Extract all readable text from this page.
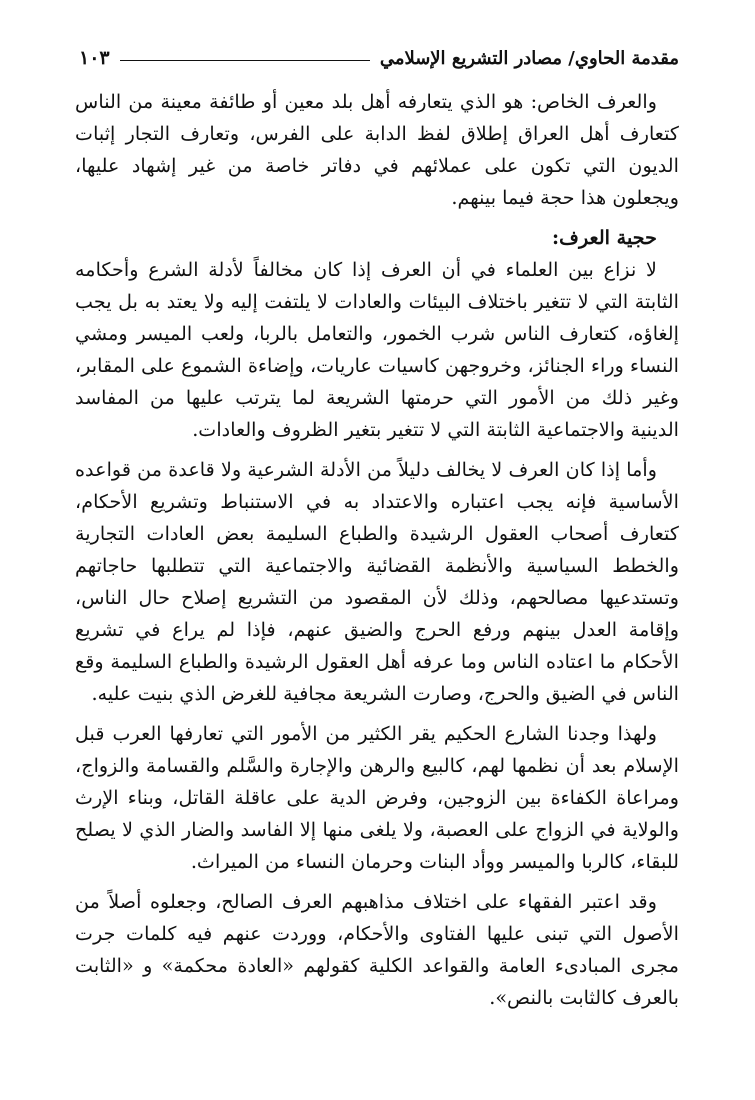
مقدمة الحاوي/ مصادر التشريع الإسلامي
١٠٣

والعرف الخاص: هو الذي يتعارفه أهل بلد معين أو طائفة معينة من الناس كتعارف أهل العراق إطلاق لفظ الدابة على الفرس، وتعارف التجار إثبات الديون التي تكون على عملائهم في دفاتر خاصة من غير إشهاد عليها، ويجعلون هذا حجة فيما بينهم.

حجية العرف:

لا نزاع بين العلماء في أن العرف إذا كان مخالفاً لأدلة الشرع وأحكامه الثابتة التي لا تتغير باختلاف البيئات والعادات لا يلتفت إليه ولا يعتد به بل يجب إلغاؤه، كتعارف الناس شرب الخمور، والتعامل بالربا، ولعب الميسر ومشي النساء وراء الجنائز، وخروجهن كاسيات عاريات، وإضاءة الشموع على المقابر، وغير ذلك من الأمور التي حرمتها الشريعة لما يترتب عليها من المفاسد الدينية والاجتماعية الثابتة التي لا تتغير بتغير الظروف والعادات.

وأما إذا كان العرف لا يخالف دليلاً من الأدلة الشرعية ولا قاعدة من قواعده الأساسية فإنه يجب اعتباره والاعتداد به في الاستنباط وتشريع الأحكام، كتعارف أصحاب العقول الرشيدة والطباع السليمة بعض العادات التجارية والخطط السياسية والأنظمة القضائية والاجتماعية التي تتطلبها حاجاتهم وتستدعيها مصالحهم، وذلك لأن المقصود من التشريع إصلاح حال الناس، وإقامة العدل بينهم ورفع الحرج والضيق عنهم، فإذا لم يراع في تشريع الأحكام ما اعتاده الناس وما عرفه أهل العقول الرشيدة والطباع السليمة وقع الناس في الضيق والحرج، وصارت الشريعة مجافية للغرض الذي بنيت عليه.

ولهذا وجدنا الشارع الحكيم يقر الكثير من الأمور التي تعارفها العرب قبل الإسلام بعد أن نظمها لهم، كالبيع والرهن والإجارة والسَّلم والقسامة والزواج، ومراعاة الكفاءة بين الزوجين، وفرض الدية على عاقلة القاتل، وبناء الإرث والولاية في الزواج على العصبة، ولا يلغى منها إلا الفاسد والضار الذي لا يصلح للبقاء، كالربا والميسر ووأد البنات وحرمان النساء من الميراث.

وقد اعتبر الفقهاء على اختلاف مذاهبهم العرف الصالح، وجعلوه أصلاً من الأصول التي تبنى عليها الفتاوى والأحكام، ووردت عنهم فيه كلمات جرت مجرى المبادىء العامة والقواعد الكلية كقولهم «العادة محكمة» و «الثابت بالعرف كالثابت بالنص».
